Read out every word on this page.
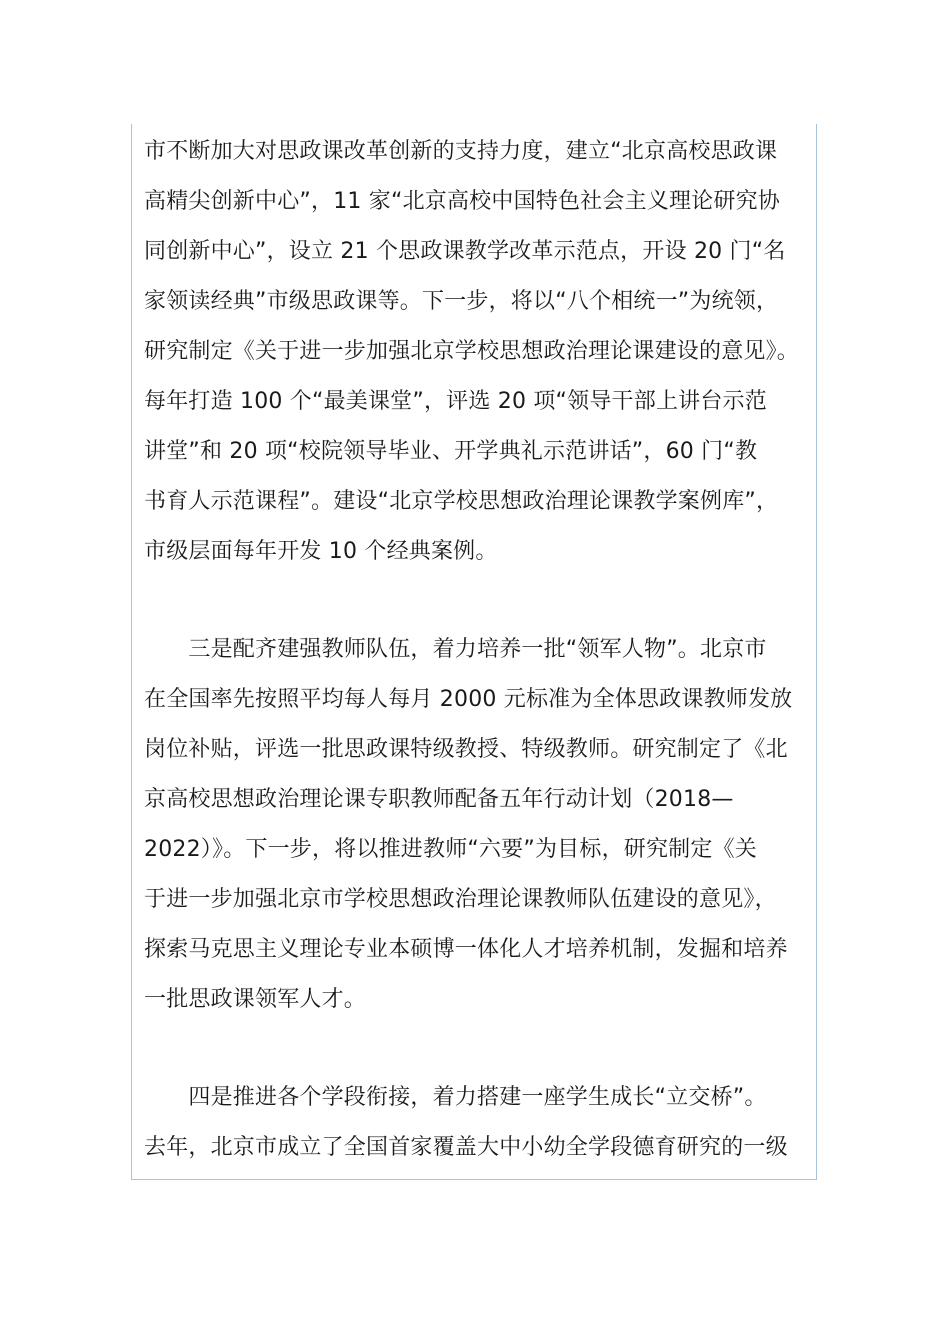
市不断加大对思政课改革创新的支持力度，建立“北京高校思政课
高精尖创新中心”，11 家“北京高校中国特色社会主义理论研究协
同创新中心”，设立 21 个思政课教学改革示范点，开设 20 门“名
家领读经典”市级思政课等。下一步，将以“八个相统一”为统领，
研究制定《关于进一步加强北京学校思想政治理论课建设的意见》。
每年打造 100 个“最美课堂”，评选 20 项“领导干部上讲台示范
讲堂”和 20 项“校院领导毕业、开学典礼示范讲话”，60 门“教
书育人示范课程”。建设“北京学校思想政治理论课教学案例库”，
市级层面每年开发 10 个经典案例。
　　三是配齐建强教师队伍，着力培养一批“领军人物”。北京市
在全国率先按照平均每人每月 2000 元标准为全体思政课教师发放
岗位补贴，评选一批思政课特级教授、特级教师。研究制定了《北
京高校思想政治理论课专职教师配备五年行动计划（2018—
2022）》。下一步，将以推进教师“六要”为目标，研究制定《关
于进一步加强北京市学校思想政治理论课教师队伍建设的意见》，
探索马克思主义理论专业本硕博一体化人才培养机制，发掘和培养
一批思政课领军人才。
　　四是推进各个学段衔接，着力搭建一座学生成长“立交桥”。
去年，北京市成立了全国首家覆盖大中小幼全学段德育研究的一级
